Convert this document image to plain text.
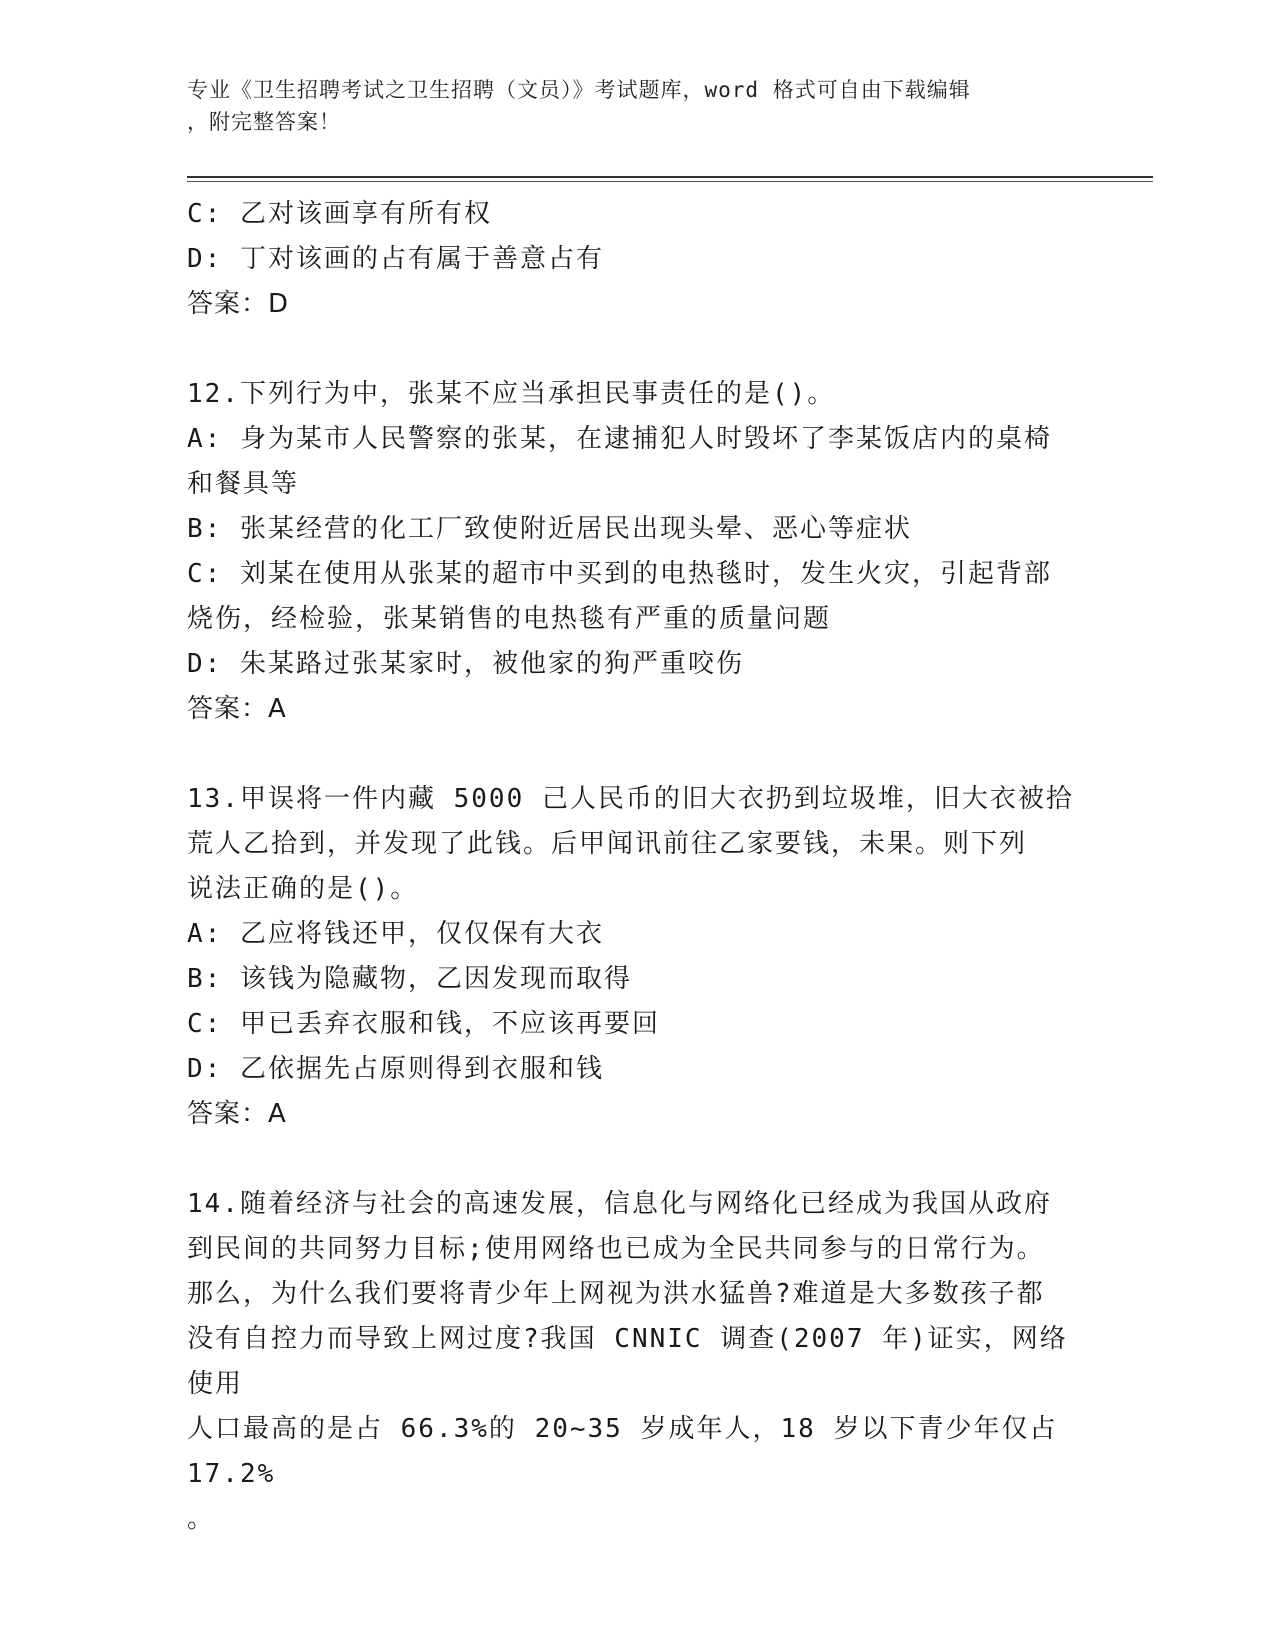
专业《卫生招聘考试之卫生招聘（文员）》考试题库，word 格式可自由下载编辑
，附完整答案！
C: 乙对该画享有所有权
D: 丁对该画的占有属于善意占有
答案：D
12.下列行为中，张某不应当承担民事责任的是()。
A: 身为某市人民警察的张某，在逮捕犯人时毁坏了李某饭店内的桌椅
和餐具等
B: 张某经营的化工厂致使附近居民出现头晕、恶心等症状
C: 刘某在使用从张某的超市中买到的电热毯时，发生火灾，引起背部
烧伤，经检验，张某销售的电热毯有严重的质量问题
D: 朱某路过张某家时，被他家的狗严重咬伤
答案：A
13.甲误将一件内藏 5000 己人民币的旧大衣扔到垃圾堆，旧大衣被拾
荒人乙拾到，并发现了此钱。后甲闻讯前往乙家要钱，未果。则下列
说法正确的是()。
A: 乙应将钱还甲，仅仅保有大衣
B: 该钱为隐藏物，乙因发现而取得
C: 甲已丢弃衣服和钱，不应该再要回
D: 乙依据先占原则得到衣服和钱
答案：A
14.随着经济与社会的高速发展，信息化与网络化已经成为我国从政府
到民间的共同努力目标;使用网络也已成为全民共同参与的日常行为。
那么，为什么我们要将青少年上网视为洪水猛兽?难道是大多数孩子都
没有自控力而导致上网过度?我国 CNNIC 调查(2007 年)证实，网络使用
人口最高的是占 66.3%的 20~35 岁成年人，18 岁以下青少年仅占 17.2%
。
